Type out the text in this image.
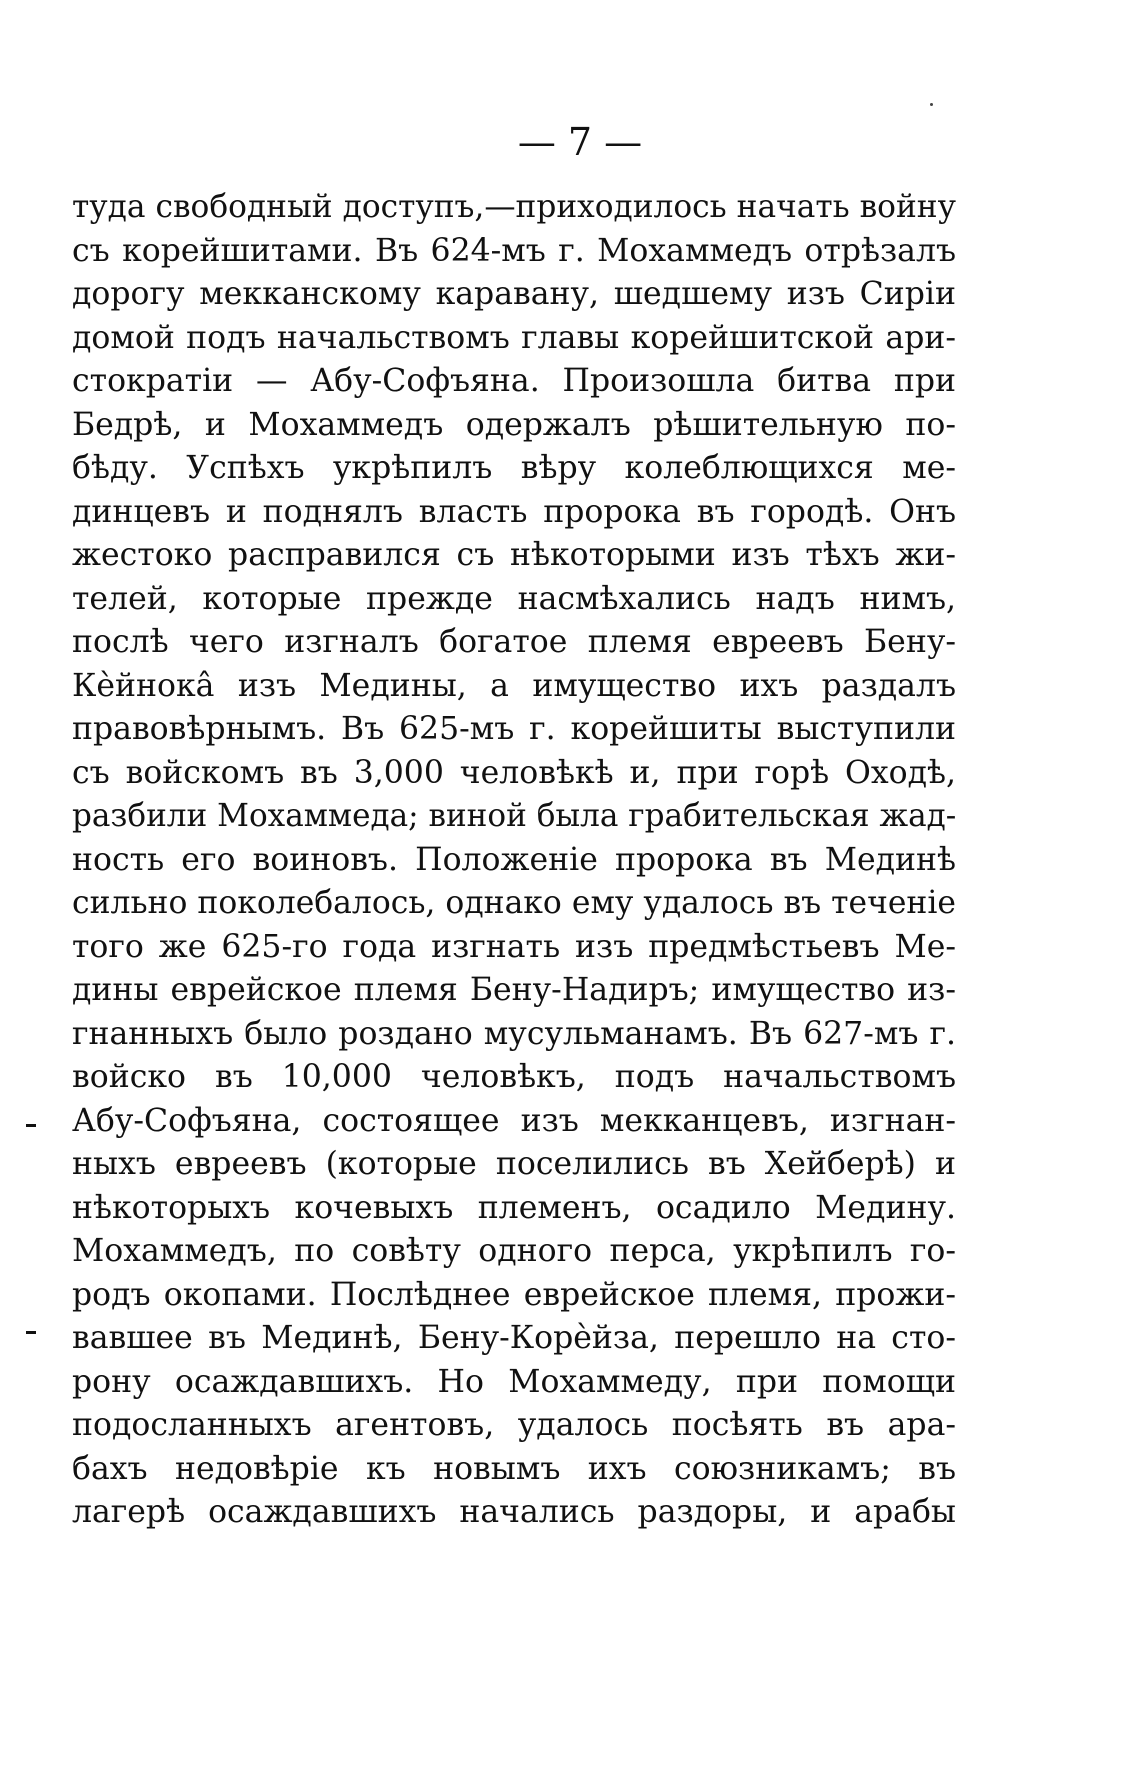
— 7 —
туда свободный доступъ,—приходилось начать войну
съ корейшитами. Въ 624-мъ г. Мохаммедъ отрѣзалъ
дорогу мекканскому каравану, шедшему изъ Сиріи
домой подъ начальствомъ главы корейшитской ари-
стократіи — Абу-Софъяна. Произошла битва при
Бедрѣ, и Мохаммедъ одержалъ рѣшительную по-
бѣду. Успѣхъ укрѣпилъ вѣру колеблющихся ме-
динцевъ и поднялъ власть пророка въ городѣ. Онъ
жестоко расправился съ нѣкоторыми изъ тѣхъ жи-
телей, которые прежде насмѣхались надъ нимъ,
послѣ чего изгналъ богатое племя евреевъ Бену-
Кѐйнокâ изъ Медины, а имущество ихъ раздалъ
правовѣрнымъ. Въ 625-мъ г. корейшиты выступили
съ войскомъ въ 3,000 человѣкѣ и, при горѣ Оходѣ,
разбили Мохаммеда; виной была грабительская жад-
ность его воиновъ. Положеніе пророка въ Мединѣ
сильно поколебалось, однако ему удалось въ теченіе
того же 625-го года изгнать изъ предмѣстьевъ Ме-
дины еврейское племя Бену-Надиръ; имущество из-
гнанныхъ было роздано мусульманамъ. Въ 627-мъ г.
войско въ 10,000 человѣкъ, подъ начальствомъ
Абу-Софъяна, состоящее изъ мекканцевъ, изгнан-
ныхъ евреевъ (которые поселились въ Хейберѣ) и
нѣкоторыхъ кочевыхъ племенъ, осадило Медину.
Мохаммедъ, по совѣту одного перса, укрѣпилъ го-
родъ окопами. Послѣднее еврейское племя, прожи-
вавшее въ Мединѣ, Бену-Корѐйза, перешло на сто-
рону осаждавшихъ. Но Мохаммеду, при помощи
подосланныхъ агентовъ, удалось посѣять въ ара-
бахъ недовѣріе къ новымъ ихъ союзникамъ; въ
лагерѣ осаждавшихъ начались раздоры, и арабы
